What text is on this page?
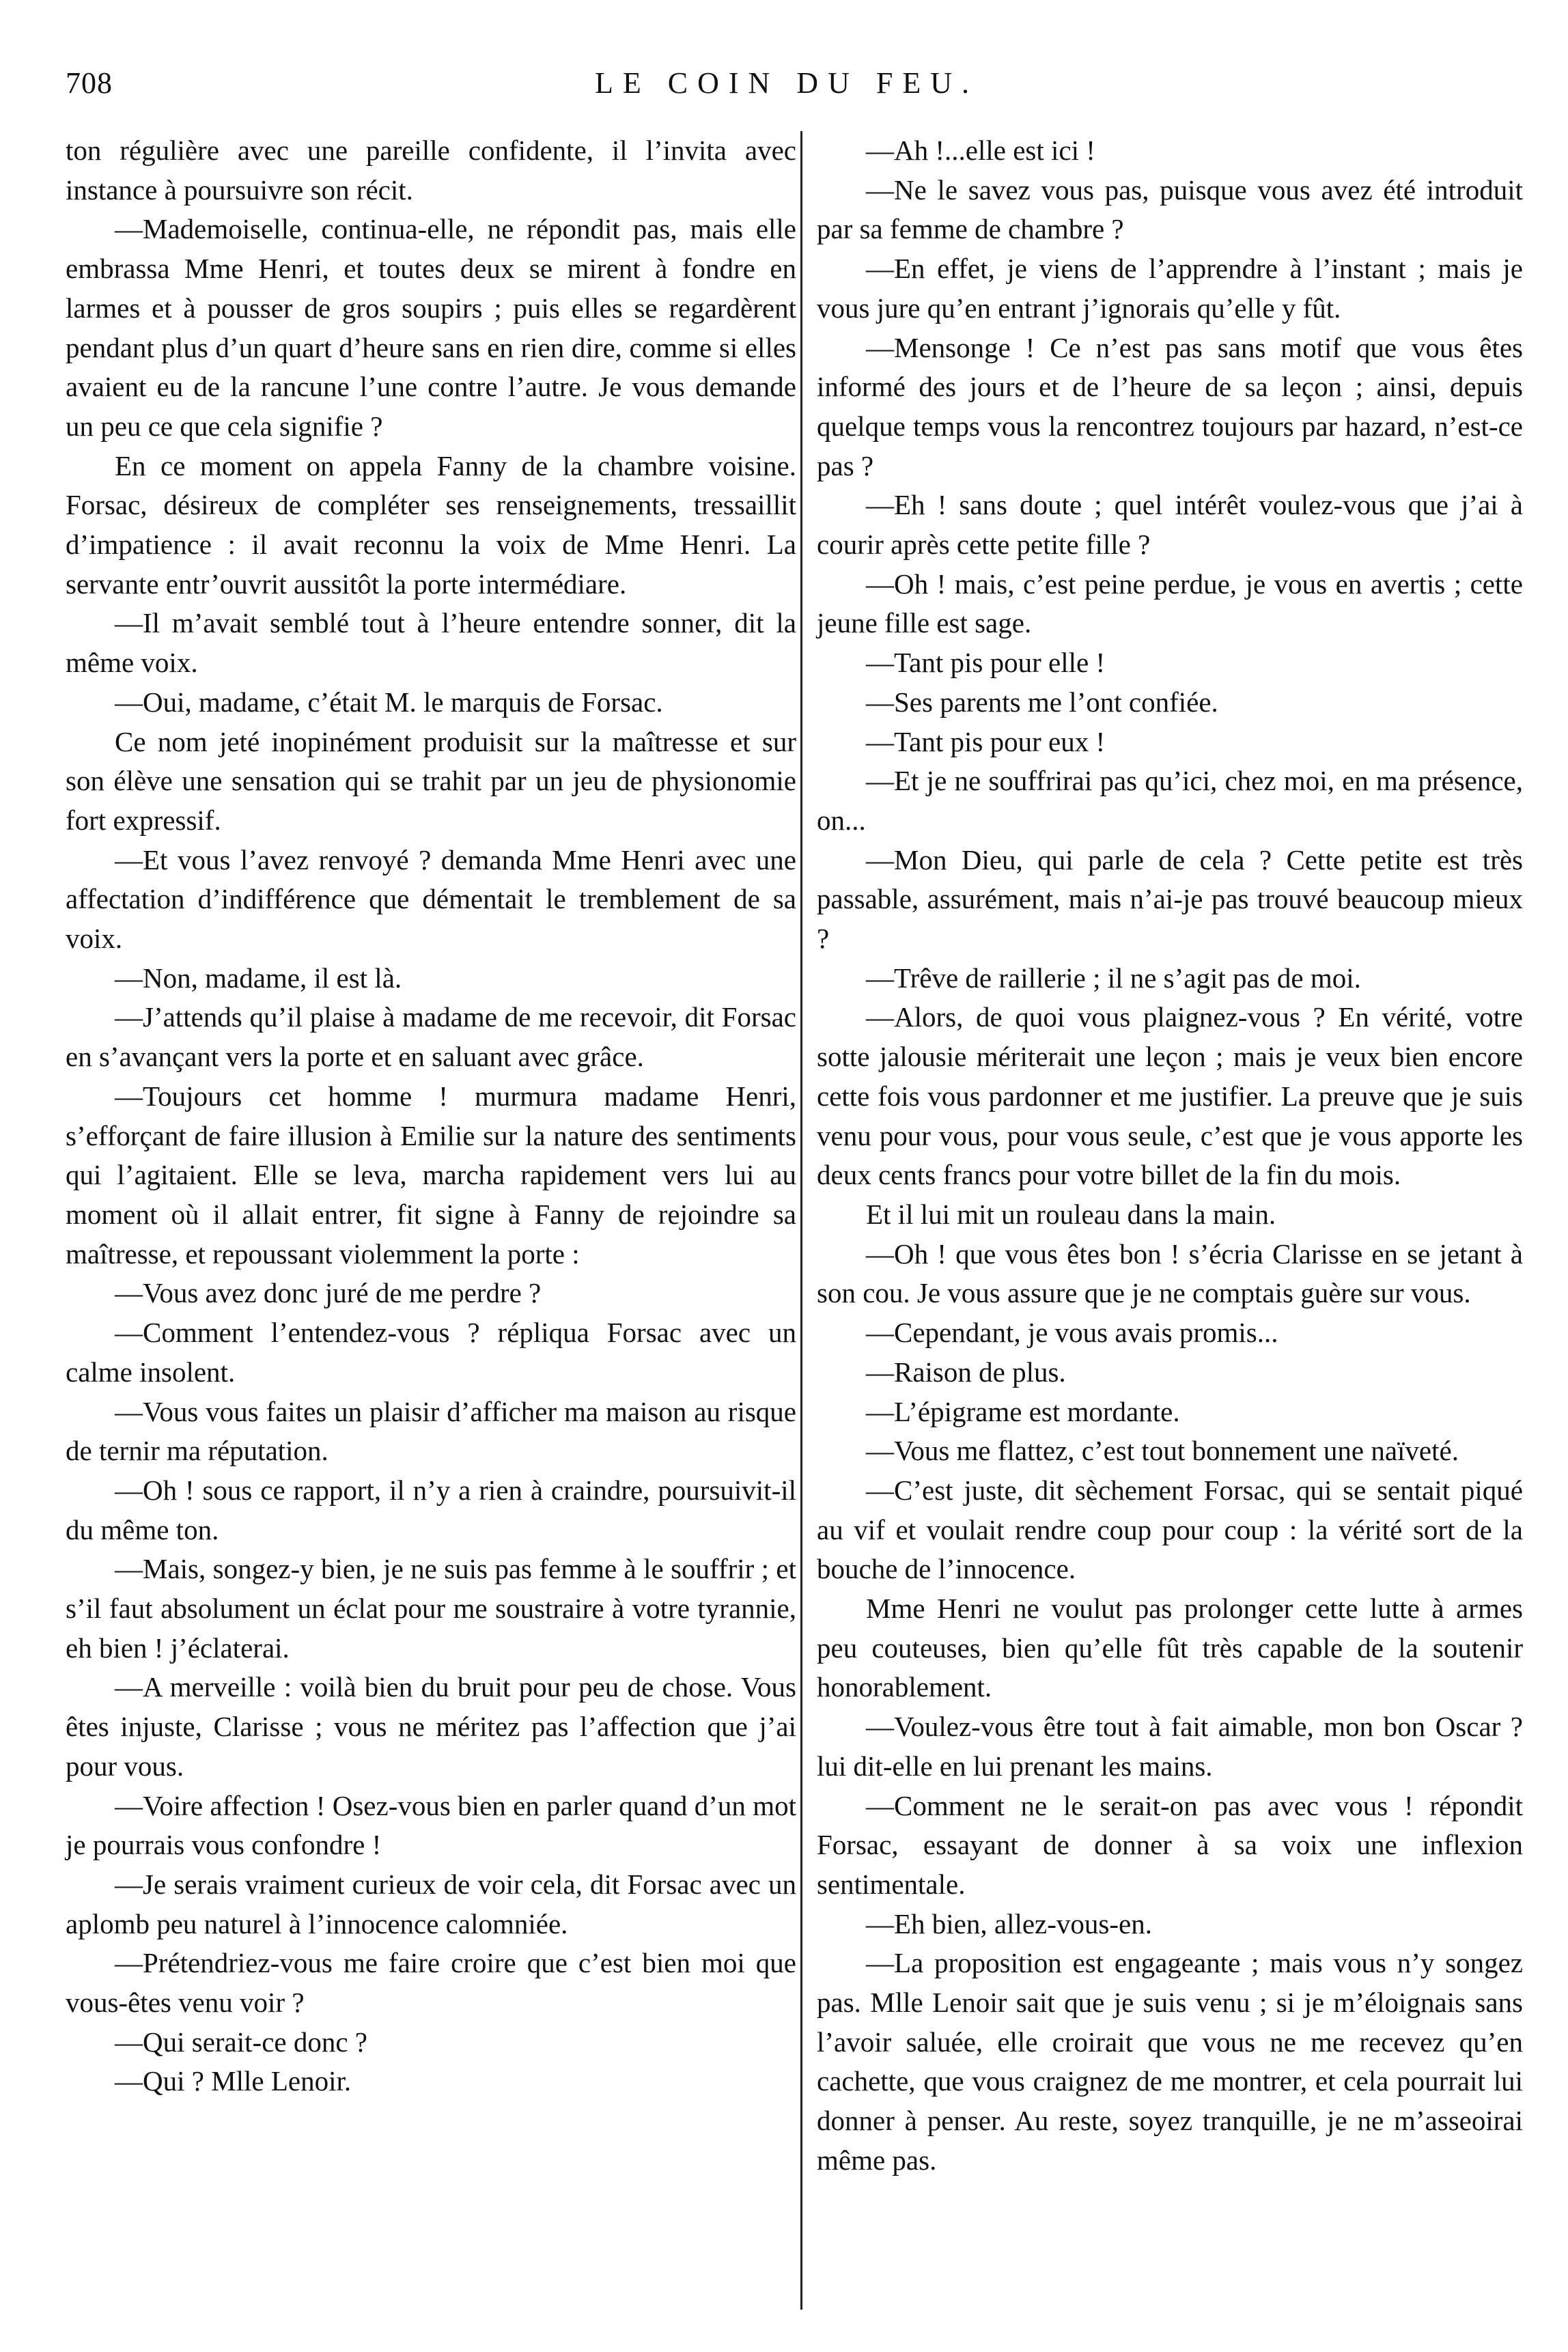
708	LE COIN DU FEU.

ton régulière avec une pareille confidente, il l’invita avec instance à poursuivre son récit.

—Mademoiselle, continua-elle, ne répondit pas, mais elle embrassa Mme Henri, et toutes deux se mirent à fondre en larmes et à pousser de gros soupirs ; puis elles se regardèrent pendant plus d’un quart d’heure sans en rien dire, comme si elles avaient eu de la rancune l’une contre l’autre. Je vous demande un peu ce que cela signifie ?

En ce moment on appela Fanny de la chambre voisine. Forsac, désireux de compléter ses renseignements, tressaillit d’impatience : il avait reconnu la voix de Mme Henri. La servante entr’ouvrit aussitôt la porte intermédiare.

—Il m’avait semblé tout à l’heure entendre sonner, dit la même voix.

—Oui, madame, c’était M. le marquis de Forsac.

Ce nom jeté inopinément produisit sur la maîtresse et sur son élève une sensation qui se trahit par un jeu de physionomie fort expressif.

—Et vous l’avez renvoyé ? demanda Mme Henri avec une affectation d’indifférence que démentait le tremblement de sa voix.

—Non, madame, il est là.

—J’attends qu’il plaise à madame de me recevoir, dit Forsac en s’avançant vers la porte et en saluant avec grâce.

—Toujours cet homme ! murmura madame Henri, s’efforçant de faire illusion à Emilie sur la nature des sentiments qui l’agitaient. Elle se leva, marcha rapidement vers lui au moment où il allait entrer, fit signe à Fanny de rejoindre sa maîtresse, et repoussant violemment la porte :

—Vous avez donc juré de me perdre ?

—Comment l’entendez-vous ? répliqua Forsac avec un calme insolent.

—Vous vous faites un plaisir d’afficher ma maison au risque de ternir ma réputation.

—Oh ! sous ce rapport, il n’y a rien à craindre, poursuivit-il du même ton.

—Mais, songez-y bien, je ne suis pas femme à le souffrir ; et s’il faut absolument un éclat pour me soustraire à votre tyrannie, eh bien ! j’éclaterai.

—A merveille : voilà bien du bruit pour peu de chose. Vous êtes injuste, Clarisse ; vous ne méritez pas l’affection que j’ai pour vous.

—Voire affection ! Osez-vous bien en parler quand d’un mot je pourrais vous confondre !

—Je serais vraiment curieux de voir cela, dit Forsac avec un aplomb peu naturel à l’innocence calomniée.

—Prétendriez-vous me faire croire que c’est bien moi que vous-êtes venu voir ?

—Qui serait-ce donc ?

—Qui ? Mlle Lenoir.

—Ah !...elle est ici !

—Ne le savez vous pas, puisque vous avez été introduit par sa femme de chambre ?

—En effet, je viens de l’apprendre à l’instant ; mais je vous jure qu’en entrant j’ignorais qu’elle y fût.

—Mensonge ! Ce n’est pas sans motif que vous êtes informé des jours et de l’heure de sa leçon ; ainsi, depuis quelque temps vous la rencontrez toujours par hazard, n’est-ce pas ?

—Eh ! sans doute ; quel intérêt voulez-vous que j’ai à courir après cette petite fille ?

—Oh ! mais, c’est peine perdue, je vous en avertis ; cette jeune fille est sage.

—Tant pis pour elle !

—Ses parents me l’ont confiée.

—Tant pis pour eux !

—Et je ne souffrirai pas qu’ici, chez moi, en ma présence, on...

—Mon Dieu, qui parle de cela ? Cette petite est très passable, assurément, mais n’ai-je pas trouvé beaucoup mieux ?

—Trêve de raillerie ; il ne s’agit pas de moi.

—Alors, de quoi vous plaignez-vous ? En vérité, votre sotte jalousie mériterait une leçon ; mais je veux bien encore cette fois vous pardonner et me justifier. La preuve que je suis venu pour vous, pour vous seule, c’est que je vous apporte les deux cents francs pour votre billet de la fin du mois.

Et il lui mit un rouleau dans la main.

—Oh ! que vous êtes bon ! s’écria Clarisse en se jetant à son cou. Je vous assure que je ne comptais guère sur vous.

—Cependant, je vous avais promis...

—Raison de plus.

—L’épigrame est mordante.

—Vous me flattez, c’est tout bonnement une naïveté.

—C’est juste, dit sèchement Forsac, qui se sentait piqué au vif et voulait rendre coup pour coup : la vérité sort de la bouche de l’innocence.

Mme Henri ne voulut pas prolonger cette lutte à armes peu couteuses, bien qu’elle fût très capable de la soutenir honorablement.

—Voulez-vous être tout à fait aimable, mon bon Oscar ? lui dit-elle en lui prenant les mains.

—Comment ne le serait-on pas avec vous ! répondit Forsac, essayant de donner à sa voix une inflexion sentimentale.

—Eh bien, allez-vous-en.

—La proposition est engageante ; mais vous n’y songez pas. Mlle Lenoir sait que je suis venu ; si je m’éloignais sans l’avoir saluée, elle croirait que vous ne me recevez qu’en cachette, que vous craignez de me montrer, et cela pourrait lui donner à penser. Au reste, soyez tranquille, je ne m’asseoirai même pas.
